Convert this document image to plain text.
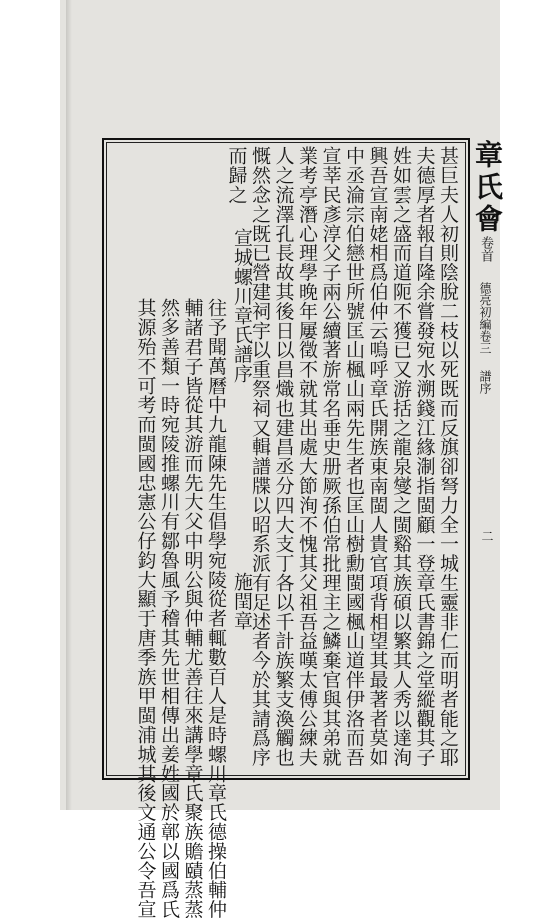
甚巨夫人初則陰脫二枝以死既而反旗卻弩力全一城生靈非仁而明者能之耶

夫德厚者報自隆余嘗發宛水溯錢江緣淛指閩顧一登章氏書錦之堂縱觀其子

姓如雲之盛而道阨不獲已又游括之龍泉燮之閩谿其族碩以繁其人秀以達洵

興吾宣南姥相爲伯仲云嗚呼章氏開族東南閩人貴官項背相望其最著者莫如

中丞淪宗伯戀世所號匡山楓山兩先生者也匡山樹勳閩國楓山道伴伊洛而吾

宣莘民彥淳父子兩公續著旂常名垂史册厥孫伯常批理主之鱗棄官與其弟就

業考亭潛心理學晚年屢徵不就其出處大節洵不愧其父祖吾益嘆太傅公練夫

人之流澤孔長故其後日以昌熾也建昌丞分四大支丁各以千計族繁支渙觸也

慨然念之既已營建祠宇以重祭祠又輯譜牒以昭系派有足述者今於其請爲序

而歸之

宣城螺川章氏譜序

施閏章

往予聞萬曆中九龍陳先生倡學宛陵從者輒數百人是時螺川章氏德操伯輔仲

輔諸君子皆從其游而先大父中明公與仲輔尤善往來講學章氏聚族贍賾蒸蒸

然多善類一時宛陵推螺川有鄒魯風予稽其先世相傳出姜姓國於鄣以國爲氏

其源殆不可考而閩國忠憲公仔鈞大顯于唐季族甲閩浦城其後文通公令吾宣

章氏會
卷首
德亮初編卷三
譜序
二
